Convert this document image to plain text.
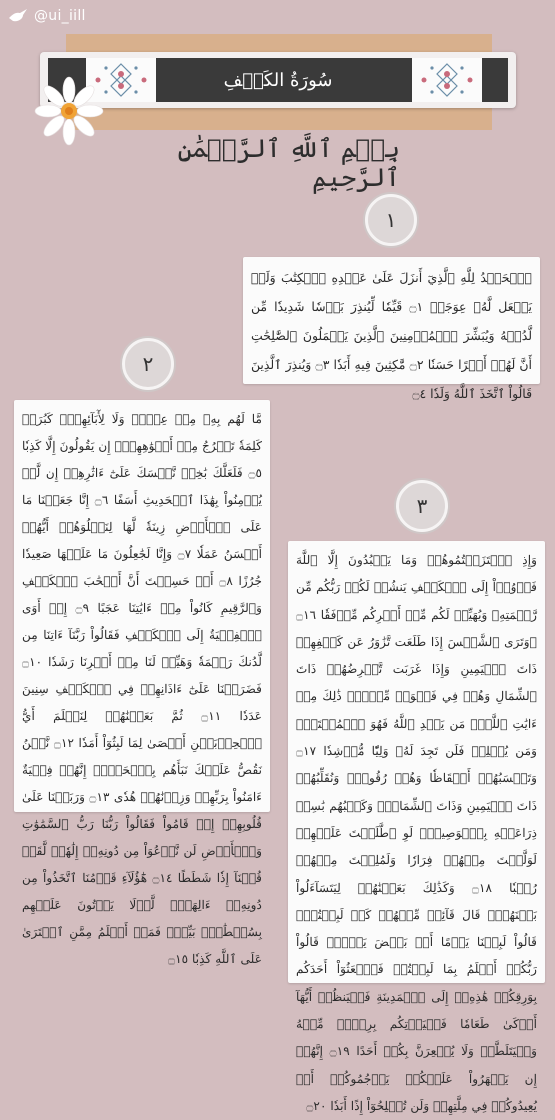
@ui_iill
سُورَةُ الكَهۡفِ
بِسۡمِ ٱللَّهِ ٱلرَّحۡمَٰنِ ٱلرَّحِيمِ
١
٢
٣

ٱلۡحَمۡدُ لِلَّهِ ٱلَّذِيٓ أَنزَلَ عَلَىٰ عَبۡدِهِ ٱلۡكِتَٰبَ وَلَمۡ يَجۡعَل لَّهُۥ عِوَجَاۜ ۝١ قَيِّمٗا لِّيُنذِرَ بَأۡسٗا شَدِيدٗا مِّن لَّدُنۡهُ وَيُبَشِّرَ ٱلۡمُؤۡمِنِينَ ٱلَّذِينَ يَعۡمَلُونَ ٱلصَّٰلِحَٰتِ أَنَّ لَهُمۡ أَجۡرًا حَسَنٗا ۝٢ مَّٰكِثِينَ فِيهِ أَبَدٗا ۝٣ وَيُنذِرَ ٱلَّذِينَ قَالُواْ ٱتَّخَذَ ٱللَّهُ وَلَدٗا ۝٤

مَّا لَهُم بِهِۦ مِنۡ عِلۡمٖ وَلَا لِأٓبَآئِهِمۡۚ كَبُرَتۡ كَلِمَةٗ تَخۡرُجُ مِنۡ أَفۡوَٰهِهِمۡۚ إِن يَقُولُونَ إِلَّا كَذِبٗا ۝٥ فَلَعَلَّكَ بَٰخِعٞ نَّفۡسَكَ عَلَىٰٓ ءَاثَٰرِهِمۡ إِن لَّمۡ يُؤۡمِنُواْ بِهَٰذَا ٱلۡحَدِيثِ أَسَفًا ۝٦ إِنَّا جَعَلۡنَا مَا عَلَى ٱلۡأَرۡضِ زِينَةٗ لَّهَا لِنَبۡلُوَهُمۡ أَيُّهُمۡ أَحۡسَنُ عَمَلٗا ۝٧ وَإِنَّا لَجَٰعِلُونَ مَا عَلَيۡهَا صَعِيدٗا جُرُزًا ۝٨ أَمۡ حَسِبۡتَ أَنَّ أَصۡحَٰبَ ٱلۡكَهۡفِ وَٱلرَّقِيمِ كَانُواْ مِنۡ ءَايَٰتِنَا عَجَبًا ۝٩ إِذۡ أَوَى ٱلۡفِتۡيَةُ إِلَى ٱلۡكَهۡفِ فَقَالُواْ رَبَّنَآ ءَاتِنَا مِن لَّدُنكَ رَحۡمَةٗ وَهَيِّئۡ لَنَا مِنۡ أَمۡرِنَا رَشَدٗا ۝١٠ فَضَرَبۡنَا عَلَىٰٓ ءَاذَانِهِمۡ فِي ٱلۡكَهۡفِ سِنِينَ عَدَدٗا ۝١١ ثُمَّ بَعَثۡنَٰهُمۡ لِنَعۡلَمَ أَيُّ ٱلۡحِزۡبَيۡنِ أَحۡصَىٰ لِمَا لَبِثُوٓاْ أَمَدٗا ۝١٢ نَّحۡنُ نَقُصُّ عَلَيۡكَ نَبَأَهُم بِٱلۡحَقِّۚ إِنَّهُمۡ فِتۡيَةٌ ءَامَنُواْ بِرَبِّهِمۡ وَزِدۡنَٰهُمۡ هُدٗى ۝١٣ وَرَبَطۡنَا عَلَىٰ قُلُوبِهِمۡ إِذۡ قَامُواْ فَقَالُواْ رَبُّنَا رَبُّ ٱلسَّمَٰوَٰتِ وَٱلۡأَرۡضِ لَن نَّدۡعُوَاْ مِن دُونِهِۦٓ إِلَٰهٗاۖ لَّقَدۡ قُلۡنَآ إِذٗا شَطَطًا ۝١٤ هَٰٓؤُلَآءِ قَوۡمُنَا ٱتَّخَذُواْ مِن دُونِهِۦٓ ءَالِهَةٗۖ لَّوۡلَا يَأۡتُونَ عَلَيۡهِم بِسُلۡطَٰنِۭ بَيِّنٖۖ فَمَنۡ أَظۡلَمُ مِمَّنِ ٱفۡتَرَىٰ عَلَى ٱللَّهِ كَذِبٗا ۝١٥

وَإِذِ ٱعۡتَزَلۡتُمُوهُمۡ وَمَا يَعۡبُدُونَ إِلَّا ٱللَّهَ فَأۡوُۥٓاْ إِلَى ٱلۡكَهۡفِ يَنشُرۡ لَكُمۡ رَبُّكُم مِّن رَّحۡمَتِهِۦ وَيُهَيِّئۡ لَكُم مِّنۡ أَمۡرِكُم مِّرۡفَقٗا ۝١٦ ۞وَتَرَى ٱلشَّمۡسَ إِذَا طَلَعَت تَّزَٰوَرُ عَن كَهۡفِهِمۡ ذَاتَ ٱلۡيَمِينِ وَإِذَا غَرَبَت تَّقۡرِضُهُمۡ ذَاتَ ٱلشِّمَالِ وَهُمۡ فِي فَجۡوَةٖ مِّنۡهُۚ ذَٰلِكَ مِنۡ ءَايَٰتِ ٱللَّهِۗ مَن يَهۡدِ ٱللَّهُ فَهُوَ ٱلۡمُهۡتَدِۖ وَمَن يُضۡلِلۡ فَلَن تَجِدَ لَهُۥ وَلِيّٗا مُّرۡشِدٗا ۝١٧ وَتَحۡسَبُهُمۡ أَيۡقَاظٗا وَهُمۡ رُقُودٞۚ وَنُقَلِّبُهُمۡ ذَاتَ ٱلۡيَمِينِ وَذَاتَ ٱلشِّمَالِۖ وَكَلۡبُهُم بَٰسِطٞ ذِرَاعَيۡهِ بِٱلۡوَصِيدِۚ لَوِ ٱطَّلَعۡتَ عَلَيۡهِمۡ لَوَلَّيۡتَ مِنۡهُمۡ فِرَارٗا وَلَمُلِئۡتَ مِنۡهُمۡ رُعۡبٗا ۝١٨ وَكَذَٰلِكَ بَعَثۡنَٰهُمۡ لِيَتَسَآءَلُواْ بَيۡنَهُمۡۚ قَالَ قَآئِلٞ مِّنۡهُمۡ كَمۡ لَبِثۡتُمۡۖ قَالُواْ لَبِثۡنَا يَوۡمًا أَوۡ بَعۡضَ يَوۡمٖۚ قَالُواْ رَبُّكُمۡ أَعۡلَمُ بِمَا لَبِثۡتُمۡ فَٱبۡعَثُوٓاْ أَحَدَكُم بِوَرِقِكُمۡ هَٰذِهِۦٓ إِلَى ٱلۡمَدِينَةِ فَلۡيَنظُرۡ أَيُّهَآ أَزۡكَىٰ طَعَامٗا فَلۡيَأۡتِكُم بِرِزۡقٖ مِّنۡهُ وَلۡيَتَلَطَّفۡ وَلَا يُشۡعِرَنَّ بِكُمۡ أَحَدًا ۝١٩ إِنَّهُمۡ إِن يَظۡهَرُواْ عَلَيۡكُمۡ يَرۡجُمُوكُمۡ أَوۡ يُعِيدُوكُمۡ فِي مِلَّتِهِمۡ وَلَن تُفۡلِحُوٓاْ إِذًا أَبَدٗا ۝٢٠
